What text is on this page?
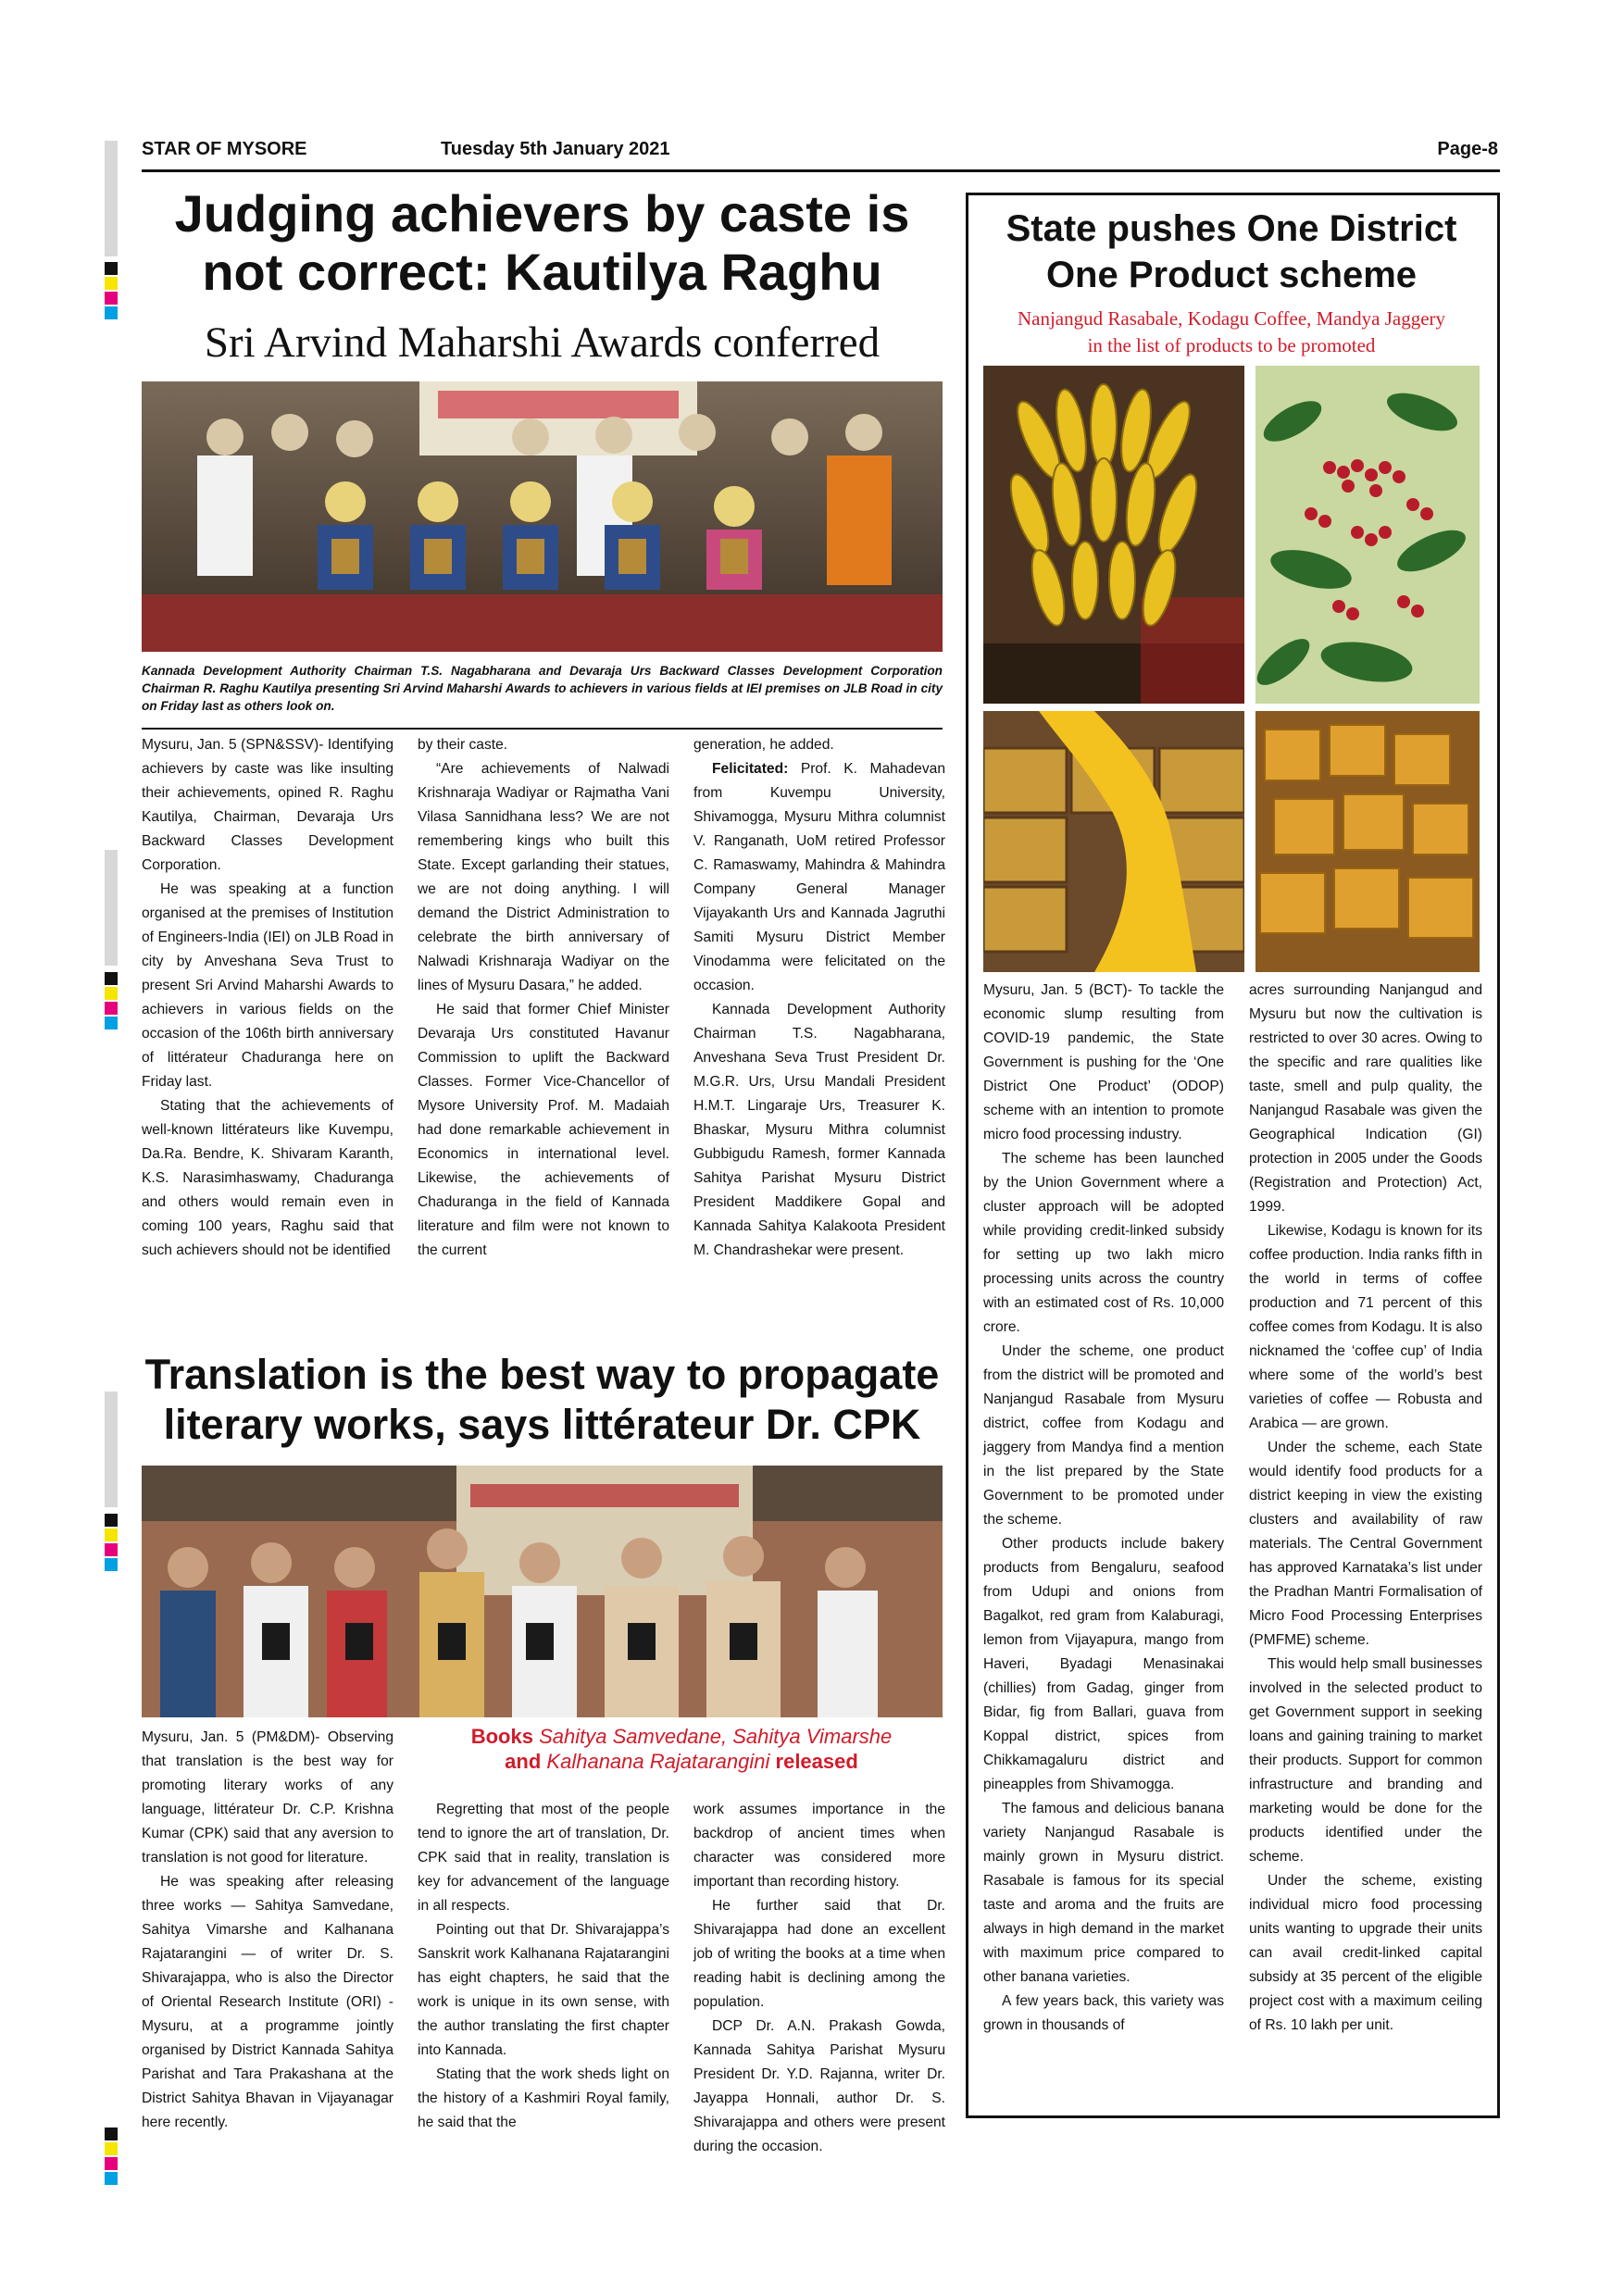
STAR OF MYSORE	Tuesday 5th January 2021	Page-8
Judging achievers by caste is
not correct: Kautilya Raghu
Sri Arvind Maharshi Awards conferred
Kannada Development Authority Chairman T.S. Nagabharana and Devaraja Urs Backward Classes Development Corporation Chairman R. Raghu Kautilya presenting Sri Arvind Maharshi Awards to achievers in various fields at IEI premises on JLB Road in city on Friday last as others look on.

Mysuru, Jan. 5 (SPN&SSV)- Identifying achievers by caste was like insulting their achievements, opined R. Raghu Kautilya, Chairman, Devaraja Urs Backward Classes Development Corporation.

He was speaking at a function organised at the premises of Institution of Engineers-India (IEI) on JLB Road in city by Anveshana Seva Trust to present Sri Arvind Maharshi Awards to achievers in various fields on the occasion of the 106th birth anniversary of littérateur Chaduranga here on Friday last.

Stating that the achievements of well-known littérateurs like Kuvempu, Da.Ra. Bendre, K. Shivaram Karanth, K.S. Narasimhaswamy, Chaduranga and others would remain even in coming 100 years, Raghu said that such achievers should not be identified

by their caste.

“Are achievements of Nalwadi Krishnaraja Wadiyar or Rajmatha Vani Vilasa Sannidhana less? We are not remembering kings who built this State. Except garlanding their statues, we are not doing anything. I will demand the District Administration to celebrate the birth anniversary of Nalwadi Krishnaraja Wadiyar on the lines of Mysuru Dasara,” he added.

He said that former Chief Minister Devaraja Urs constituted Havanur Commission to uplift the Backward Classes. Former Vice-Chancellor of Mysore University Prof. M. Madaiah had done remarkable achievement in Economics in international level. Likewise, the achievements of Chaduranga in the field of Kannada literature and film were not known to the current

generation, he added.

Felicitated: Prof. K. Mahadevan from Kuvempu University, Shivamogga, Mysuru Mithra columnist V. Ranganath, UoM retired Professor C. Ramaswamy, Mahindra & Mahindra Company General Manager Vijayakanth Urs and Kannada Jagruthi Samiti Mysuru District Member Vinodamma were felicitated on the occasion.

Kannada Development Authority Chairman T.S. Nagabharana, Anveshana Seva Trust President Dr. M.G.R. Urs, Ursu Mandali President H.M.T. Lingaraje Urs, Treasurer K. Bhaskar, Mysuru Mithra columnist Gubbigudu Ramesh, former Kannada Sahitya Parishat Mysuru District President Maddikere Gopal and Kannada Sahitya Kalakoota President M. Chandrashekar were present.

Translation is the best way to propagate
literary works, says littérateur Dr. CPK
Books Sahitya Samvedane, Sahitya Vimarshe
and Kalhanana Rajatarangini released

Mysuru, Jan. 5 (PM&DM)- Observing that translation is the best way for promoting literary works of any language, littérateur Dr. C.P. Krishna Kumar (CPK) said that any aversion to translation is not good for literature.

He was speaking after releasing three works — Sahitya Samvedane, Sahitya Vimarshe and Kalhanana Rajatarangini — of writer Dr. S. Shivarajappa, who is also the Director of Oriental Research Institute (ORI) - Mysuru, at a programme jointly organised by District Kannada Sahitya Parishat and Tara Prakashana at the District Sahitya Bhavan in Vijayanagar here recently.

Regretting that most of the people tend to ignore the art of translation, Dr. CPK said that in reality, translation is key for advancement of the language in all respects.

Pointing out that Dr. Shivarajappa’s Sanskrit work Kalhanana Rajatarangini has eight chapters, he said that the work is unique in its own sense, with the author translating the first chapter into Kannada.

Stating that the work sheds light on the history of a Kashmiri Royal family, he said that the

work assumes importance in the backdrop of ancient times when character was considered more important than recording history.

He further said that Dr. Shivarajappa had done an excellent job of writing the books at a time when reading habit is declining among the population.

DCP Dr. A.N. Prakash Gowda, Kannada Sahitya Parishat Mysuru President Dr. Y.D. Rajanna, writer Dr. Jayappa Honnali, author Dr. S. Shivarajappa and others were present during the occasion.

State pushes One District
One Product scheme
Nanjangud Rasabale, Kodagu Coffee, Mandya Jaggery
in the list of products to be promoted

Mysuru, Jan. 5 (BCT)- To tackle the economic slump resulting from COVID-19 pandemic, the State Government is pushing for the ‘One District One Product’ (ODOP) scheme with an intention to promote micro food processing industry.

The scheme has been launched by the Union Government where a cluster approach will be adopted while providing credit-linked subsidy for setting up two lakh micro processing units across the country with an estimated cost of Rs. 10,000 crore.

Under the scheme, one product from the district will be promoted and Nanjangud Rasabale from Mysuru district, coffee from Kodagu and jaggery from Mandya find a mention in the list prepared by the State Government to be promoted under the scheme.

Other products include bakery products from Bengaluru, seafood from Udupi and onions from Bagalkot, red gram from Kalaburagi, lemon from Vijayapura, mango from Haveri, Byadagi Menasinakai (chillies) from Gadag, ginger from Bidar, fig from Ballari, guava from Koppal district, spices from Chikkamagaluru district and pineapples from Shivamogga.

The famous and delicious banana variety Nanjangud Rasabale is mainly grown in Mysuru district. Rasabale is famous for its special taste and aroma and the fruits are always in high demand in the market with maximum price compared to other banana varieties.

A few years back, this variety was grown in thousands of

acres surrounding Nanjangud and Mysuru but now the cultivation is restricted to over 30 acres. Owing to the specific and rare qualities like taste, smell and pulp quality, the Nanjangud Rasabale was given the Geographical Indication (GI) protection in 2005 under the Goods (Registration and Protection) Act, 1999.

Likewise, Kodagu is known for its coffee production. India ranks fifth in the world in terms of coffee production and 71 percent of this coffee comes from Kodagu. It is also nicknamed the ‘coffee cup’ of India where some of the world’s best varieties of coffee — Robusta and Arabica — are grown.

Under the scheme, each State would identify food products for a district keeping in view the existing clusters and availability of raw materials. The Central Government has approved Karnataka’s list under the Pradhan Mantri Formalisation of Micro Food Processing Enterprises (PMFME) scheme.

This would help small businesses involved in the selected product to get Government support in seeking loans and gaining training to market their products. Support for common infrastructure and branding and marketing would be done for the products identified under the scheme.

Under the scheme, existing individual micro food processing units wanting to upgrade their units can avail credit-linked capital subsidy at 35 percent of the eligible project cost with a maximum ceiling of Rs. 10 lakh per unit.
